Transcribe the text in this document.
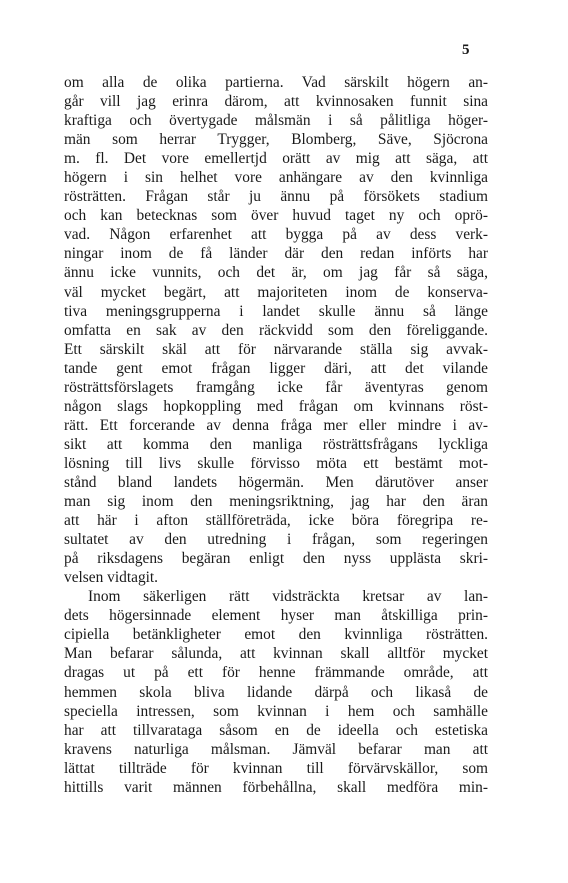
5
om alla de olika partierna. Vad särskilt högern an-
går vill jag erinra därom, att kvinnosaken funnit sina
kraftiga och övertygade målsmän i så pålitliga höger-
män som herrar Trygger, Blomberg, Säve, Sjöcrona
m. fl. Det vore emellertjd orätt av mig att säga, att
högern i sin helhet vore anhängare av den kvinnliga
rösträtten. Frågan står ju ännu på försökets stadium
och kan betecknas som över huvud taget ny och oprö-
vad. Någon erfarenhet att bygga på av dess verk-
ningar inom de få länder där den redan införts har
ännu icke vunnits, och det är, om jag får så säga,
väl mycket begärt, att majoriteten inom de konserva-
tiva meningsgrupperna i landet skulle ännu så länge
omfatta en sak av den räckvidd som den föreliggande.
Ett särskilt skäl att för närvarande ställa sig avvak-
tande gent emot frågan ligger däri, att det vilande
rösträttsförslagets framgång icke får äventyras genom
någon slags hopkoppling med frågan om kvinnans röst-
rätt. Ett forcerande av denna fråga mer eller mindre i av-
sikt att komma den manliga rösträttsfrågans lyckliga
lösning till livs skulle förvisso möta ett bestämt mot-
stånd bland landets högermän. Men därutöver anser
man sig inom den meningsriktning, jag har den äran
att här i afton ställföreträda, icke böra föregripa re-
sultatet av den utredning i frågan, som regeringen
på riksdagens begäran enligt den nyss upplästa skri-
velsen vidtagit.
Inom säkerligen rätt vidsträckta kretsar av lan-
dets högersinnade element hyser man åtskilliga prin-
cipiella betänkligheter emot den kvinnliga rösträtten.
Man befarar sålunda, att kvinnan skall alltför mycket
dragas ut på ett för henne främmande område, att
hemmen skola bliva lidande därpå och likaså de
speciella intressen, som kvinnan i hem och samhälle
har att tillvarataga såsom en de ideella och estetiska
kravens naturliga målsman. Jämväl befarar man att
lättat tillträde för kvinnan till förvärvskällor, som
hittills varit männen förbehållna, skall medföra min-
